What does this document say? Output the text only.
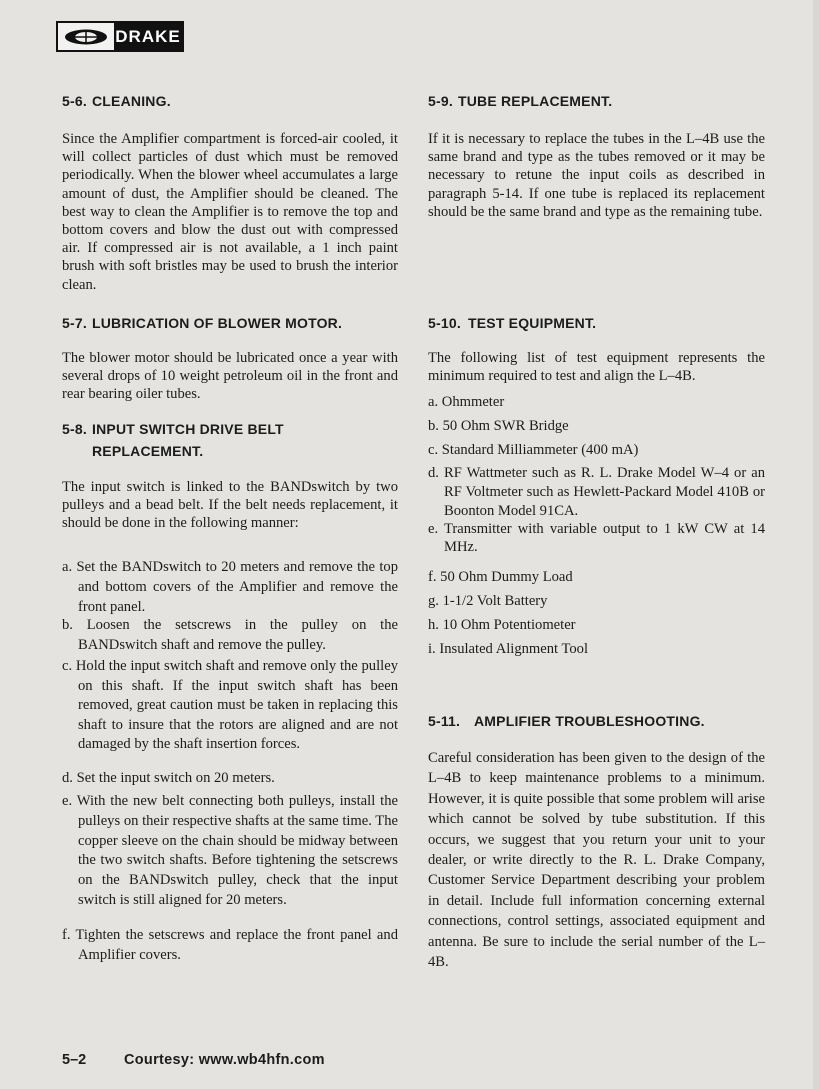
DRAKE
5-6. CLEANING.
Since the Amplifier compartment is forced-air cooled, it will collect particles of dust which must be removed periodically. When the blower wheel accumulates a large amount of dust, the Amplifier should be cleaned. The best way to clean the Amplifier is to remove the top and bottom covers and blow the dust out with compressed air. If compressed air is not available, a 1 inch paint brush with soft bristles may be used to brush the interior clean.
5-7. LUBRICATION OF BLOWER MOTOR.
The blower motor should be lubricated once a year with several drops of 10 weight petroleum oil in the front and rear bearing oiler tubes.
5-8. INPUT SWITCH DRIVE BELT
REPLACEMENT.
The input switch is linked to the BANDswitch by two pulleys and a bead belt. If the belt needs replacement, it should be done in the following manner:
a. Set the BANDswitch to 20 meters and remove the top and bottom covers of the Amplifier and remove the front panel.
b. Loosen the setscrews in the pulley on the BANDswitch shaft and remove the pulley.
c. Hold the input switch shaft and remove only the pulley on this shaft. If the input switch shaft has been removed, great caution must be taken in replacing this shaft to insure that the rotors are aligned and are not damaged by the shaft insertion forces.
d. Set the input switch on 20 meters.
e. With the new belt connecting both pulleys, install the pulleys on their respective shafts at the same time. The copper sleeve on the chain should be midway between the two switch shafts. Before tightening the setscrews on the BANDswitch pulley, check that the input switch is still aligned for 20 meters.
f. Tighten the setscrews and replace the front panel and Amplifier covers.
5-9. TUBE REPLACEMENT.
If it is necessary to replace the tubes in the L–4B use the same brand and type as the tubes removed or it may be necessary to retune the input coils as described in paragraph 5-14. If one tube is replaced its replacement should be the same brand and type as the remaining tube.
5-10. TEST EQUIPMENT.
The following list of test equipment represents the minimum required to test and align the L–4B.
a. Ohmmeter
b. 50 Ohm SWR Bridge
c. Standard Milliammeter (400 mA)
d. RF Wattmeter such as R. L. Drake Model W–4 or an RF Voltmeter such as Hewlett-Packard Model 410B or Boonton Model 91CA.
e. Transmitter with variable output to 1 kW CW at 14 MHz.
f. 50 Ohm Dummy Load
g. 1-1/2 Volt Battery
h. 10 Ohm Potentiometer
i. Insulated Alignment Tool
5-11. AMPLIFIER TROUBLESHOOTING.
Careful consideration has been given to the design of the L–4B to keep maintenance problems to a minimum. However, it is quite possible that some problem will arise which cannot be solved by tube substitution. If this occurs, we suggest that you return your unit to your dealer, or write directly to the R. L. Drake Company, Customer Service Department describing your problem in detail. Include full information concerning external connections, control settings, associated equipment and antenna. Be sure to include the serial number of the L–4B.
5–2	Courtesy: www.wb4hfn.com
